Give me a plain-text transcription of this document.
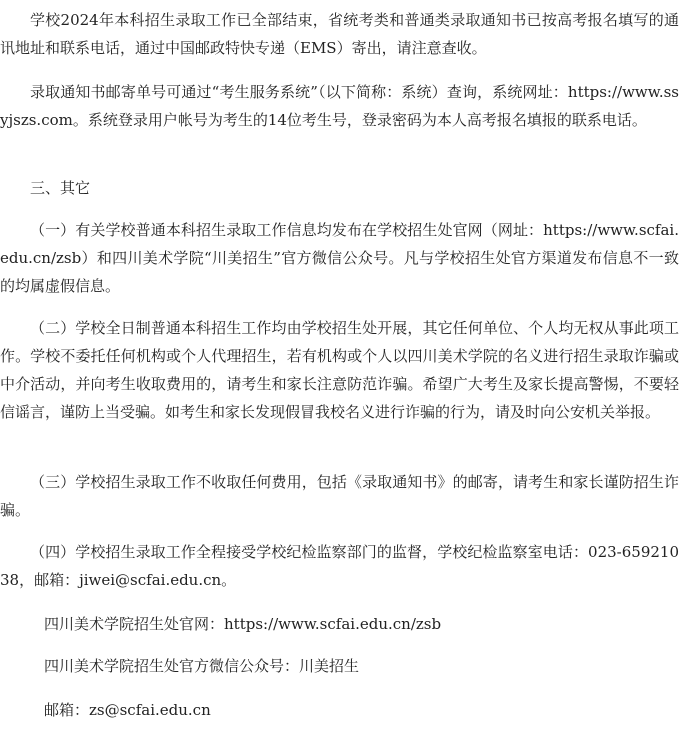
学校2024年本科招生录取工作已全部结束，省统考类和普通类录取通知书已按高考报名填写的通讯地址和联系电话，通过中国邮政特快专递（EMS）寄出，请注意查收。

录取通知书邮寄单号可通过“考生服务系统”（以下简称：系统）查询，系统网址：https://www.ssyjszs.com。系统登录用户帐号为考生的14位考生号，登录密码为本人高考报名填报的联系电话。

三、其它

（一）有关学校普通本科招生录取工作信息均发布在学校招生处官网（网址：https://www.scfai.edu.cn/zsb）和四川美术学院“川美招生”官方微信公众号。凡与学校招生处官方渠道发布信息不一致的均属虚假信息。

（二）学校全日制普通本科招生工作均由学校招生处开展，其它任何单位、个人均无权从事此项工作。学校不委托任何机构或个人代理招生，若有机构或个人以四川美术学院的名义进行招生录取诈骗或中介活动，并向考生收取费用的，请考生和家长注意防范诈骗。希望广大考生及家长提高警惕，不要轻信谣言，谨防上当受骗。如考生和家长发现假冒我校名义进行诈骗的行为，请及时向公安机关举报。

（三）学校招生录取工作不收取任何费用，包括《录取通知书》的邮寄，请考生和家长谨防招生诈骗。

（四）学校招生录取工作全程接受学校纪检监察部门的监督，学校纪检监察室电话：023-65921038，邮箱：jiwei@scfai.edu.cn。

四川美术学院招生处官网：https://www.scfai.edu.cn/zsb

四川美术学院招生处官方微信公众号：川美招生

邮箱：zs@scfai.edu.cn
